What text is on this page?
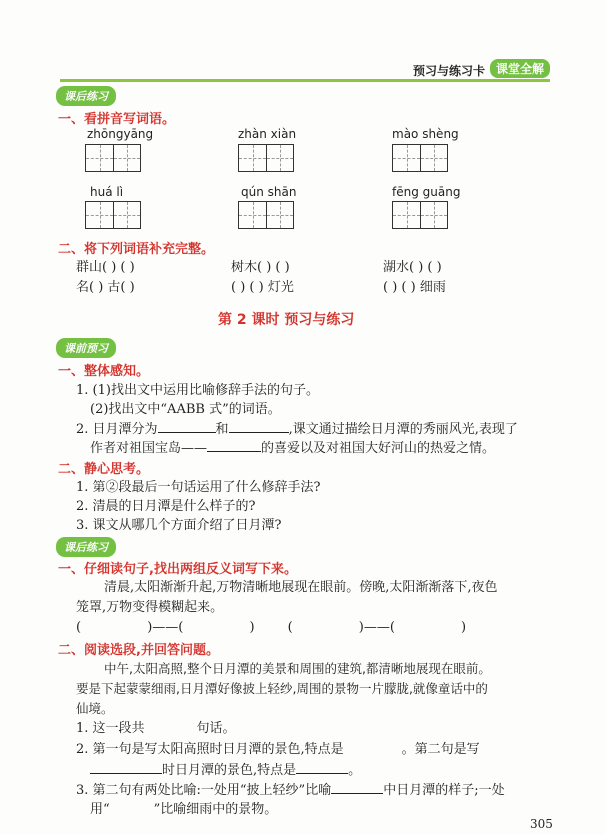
预习与练习卡 课堂全解
课后练习
一、看拼音写词语。
zhōngyāng	zhàn xiàn	mào shèng
huá lì	qún shān	fēng guāng
二、将下列词语补充完整。
群山( ) ( )	树木( ) ( )	湖水( ) ( )
名( ) 古( )	( ) ( ) 灯光	( ) ( ) 细雨
第 2 课时 预习与练习
课前预习
一、整体感知。
1. (1)找出文中运用比喻修辞手法的句子。
(2)找出文中“AABB 式”的词语。
2. 日月潭分为	和	,课文通过描绘日月潭的秀丽风光,表现了
作者对祖国宝岛——	的喜爱以及对祖国大好河山的热爱之情。
二、静心思考。
1. 第②段最后一句话运用了什么修辞手法?
2. 清晨的日月潭是什么样子的?
3. 课文从哪几个方面介绍了日月潭?
课后练习
一、仔细读句子,找出两组反义词写下来。
清晨,太阳渐渐升起,万物清晰地展现在眼前。傍晚,太阳渐渐落下,夜色
笼罩,万物变得模糊起来。
(                )——(                )        (                )——(                )
二、阅读选段,并回答问题。
中午,太阳高照,整个日月潭的美景和周围的建筑,都清晰地展现在眼前。
要是下起蒙蒙细雨,日月潭好像披上轻纱,周围的景物一片朦胧,就像童话中的
仙境。
1. 这一段共	句话。
2. 第一句是写太阳高照时日月潭的景色,特点是	。第二句是写
时日月潭的景色,特点是	。
3. 第二句有两处比喻:一处用“披上轻纱”比喻	中日月潭的样子;一处
用“	”比喻细雨中的景物。
305
